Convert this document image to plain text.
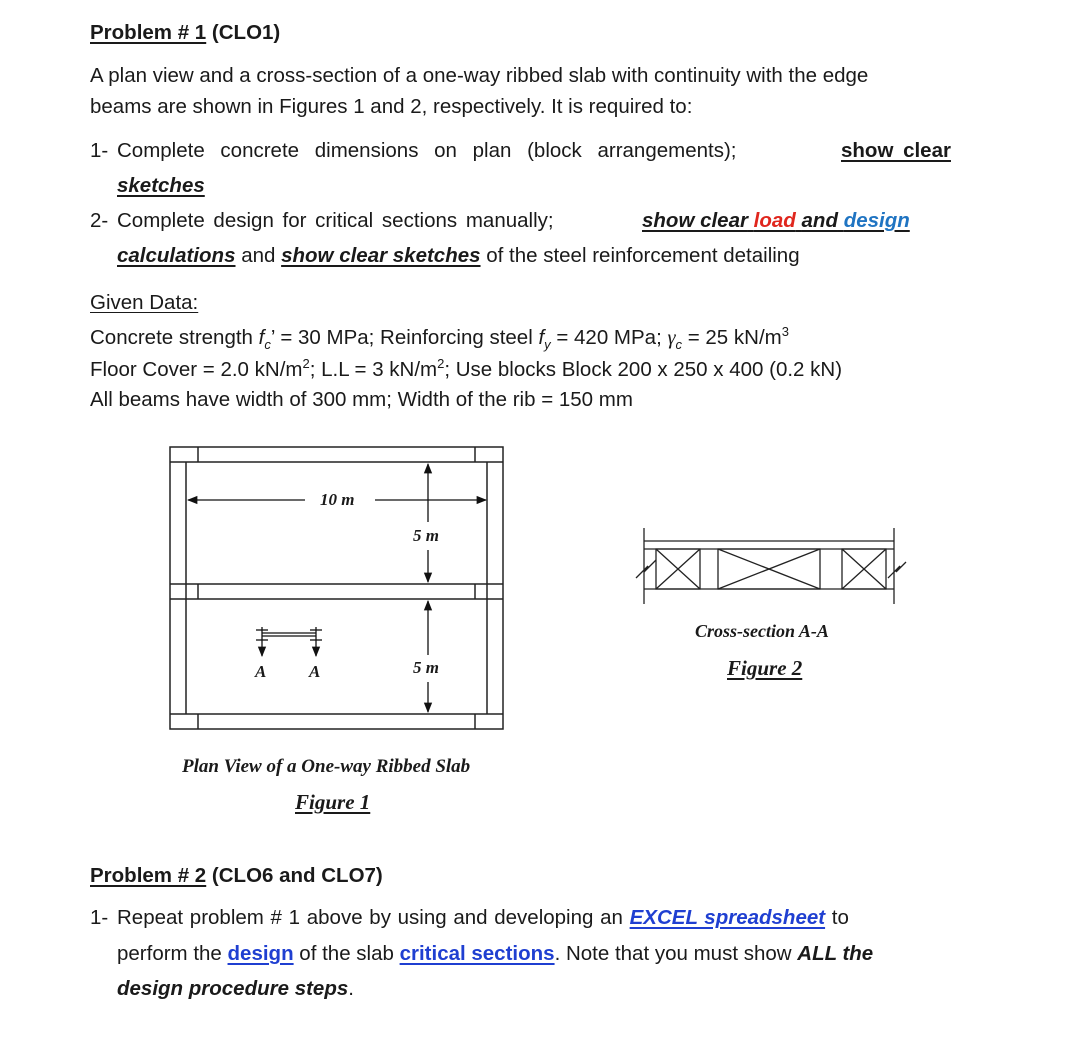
Problem # 1 (CLO1)
A plan view and a cross-section of a one-way ribbed slab with continuity with the edge
beams are shown in Figures 1 and 2, respectively. It is required to:
1- Complete concrete dimensions on plan (block arrangements);	show clear
sketches
2- Complete design for critical sections manually;	show clear load and design
calculations and show clear sketches of the steel reinforcement detailing
Given Data:
Concrete strength $f_c$’ = 30 MPa; Reinforcing steel $f_y = 420$ MPa; $\gamma_c = 25$ $kN/m^3$
Floor Cover = 2.0 $kN/m^2$; L.L = 3 $kN/m^2$; Use blocks Block 200 x 250 x 400 (0.2 kN)
All beams have width of 300 mm; Width of the rib = 150 mm
10 m
5 m
5 m
A	A
Plan View of a One-way Ribbed Slab
Figure 1
Cross-section A-A
Figure 2
Problem # 2 (CLO6 and CLO7)
1- Repeat problem # 1 above by using and developing an EXCEL spreadsheet to
perform the design of the slab critical sections. Note that you must show ALL the
design procedure steps.
